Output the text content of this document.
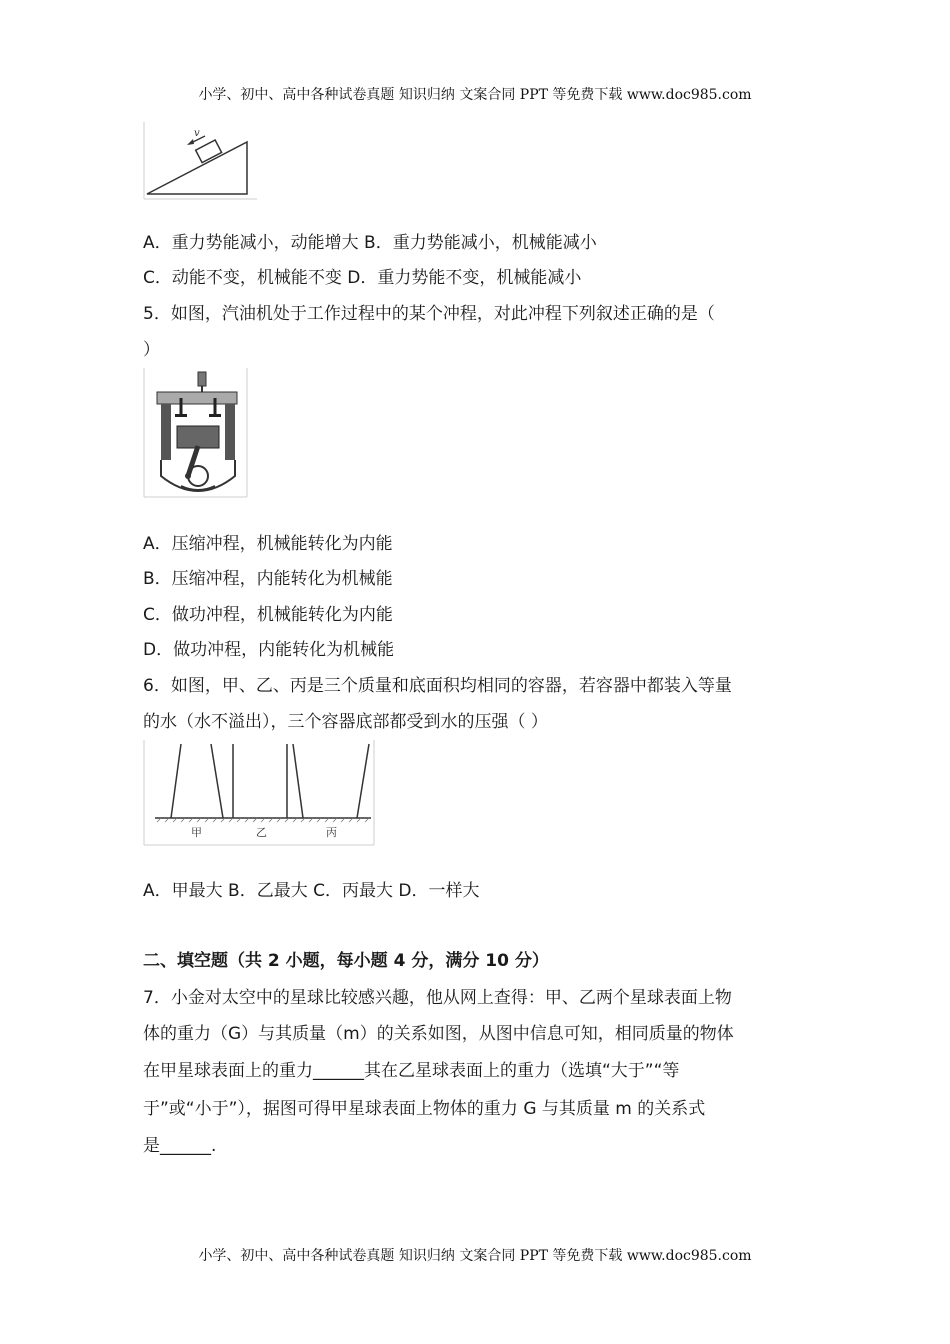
小学、初中、高中各种试卷真题 知识归纳 文案合同 PPT 等免费下载 www.doc985.com
v
A．重力势能减小，动能增大 B．重力势能减小，机械能减小
C．动能不变，机械能不变 D．重力势能不变，机械能减小
5．如图，汽油机处于工作过程中的某个冲程，对此冲程下列叙述正确的是（
）
A．压缩冲程，机械能转化为内能
B．压缩冲程，内能转化为机械能
C．做功冲程，机械能转化为内能
D．做功冲程，内能转化为机械能
6．如图，甲、乙、丙是三个质量和底面积均相同的容器，若容器中都装入等量
的水（水不溢出），三个容器底部都受到水的压强（ ）
甲	乙	丙
A．甲最大 B．乙最大 C．丙最大 D．一样大
二、填空题（共 2 小题，每小题 4 分，满分 10 分）
7．小金对太空中的星球比较感兴趣，他从网上查得：甲、乙两个星球表面上物
体的重力（G）与其质量（m）的关系如图，从图中信息可知，相同质量的物体
在甲星球表面上的重力______其在乙星球表面上的重力（选填“大于”“等
于”或“小于”），据图可得甲星球表面上物体的重力 G 与其质量 m 的关系式
是______.
小学、初中、高中各种试卷真题 知识归纳 文案合同 PPT 等免费下载 www.doc985.com
